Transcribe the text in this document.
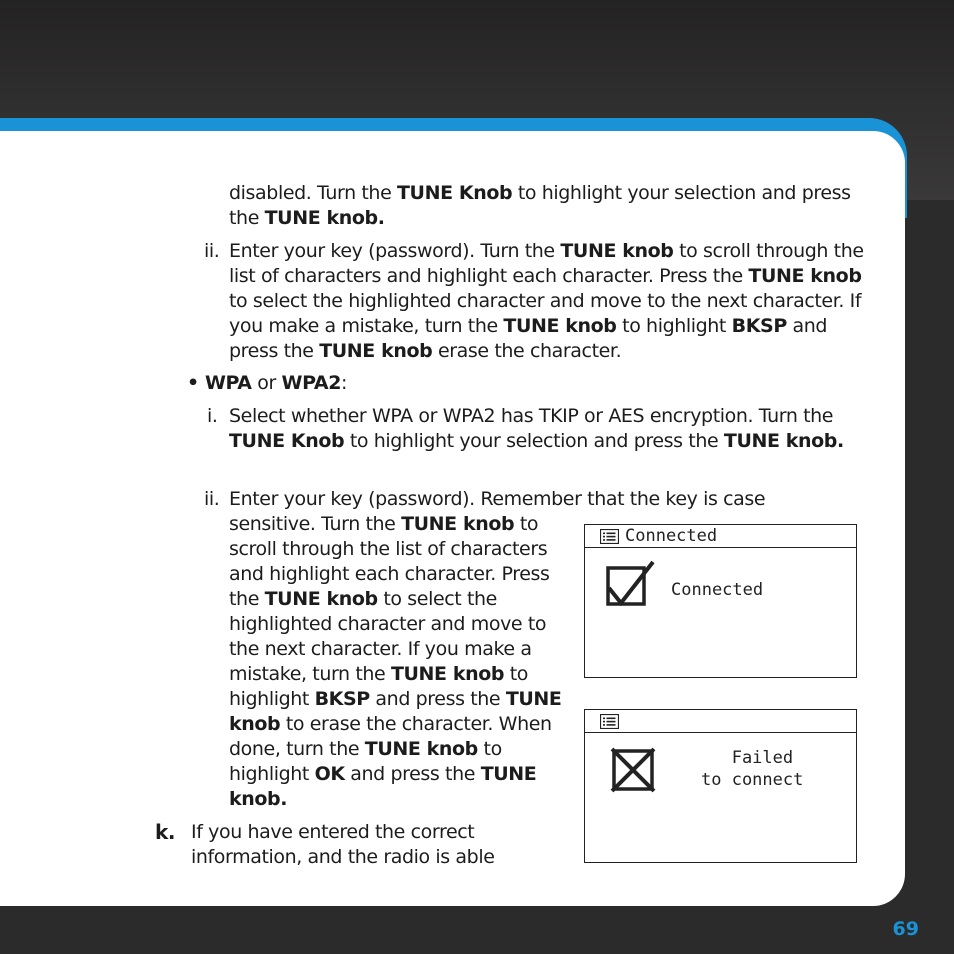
disabled. Turn the TUNE Knob to highlight your selection and press the TUNE knob.
ii. Enter your key (password). Turn the TUNE knob to scroll through the list of characters and highlight each character. Press the TUNE knob to select the highlighted character and move to the next character. If you make a mistake, turn the TUNE knob to highlight BKSP and press the TUNE knob erase the character.
• WPA or WPA2:
i. Select whether WPA or WPA2 has TKIP or AES encryption. Turn the TUNE Knob to highlight your selection and press the TUNE knob.
ii. Enter your key (password). Remember that the key is case
sensitive. Turn the TUNE knob to scroll through the list of characters and highlight each character. Press the TUNE knob to select the highlighted character and move to the next character. If you make a mistake, turn the TUNE knob to highlight BKSP and press the TUNE knob to erase the character. When done, turn the TUNE knob to highlight OK and press the TUNE knob.
k. If you have entered the correct information, and the radio is able
Connected
Connected
Failed
to connect
69
